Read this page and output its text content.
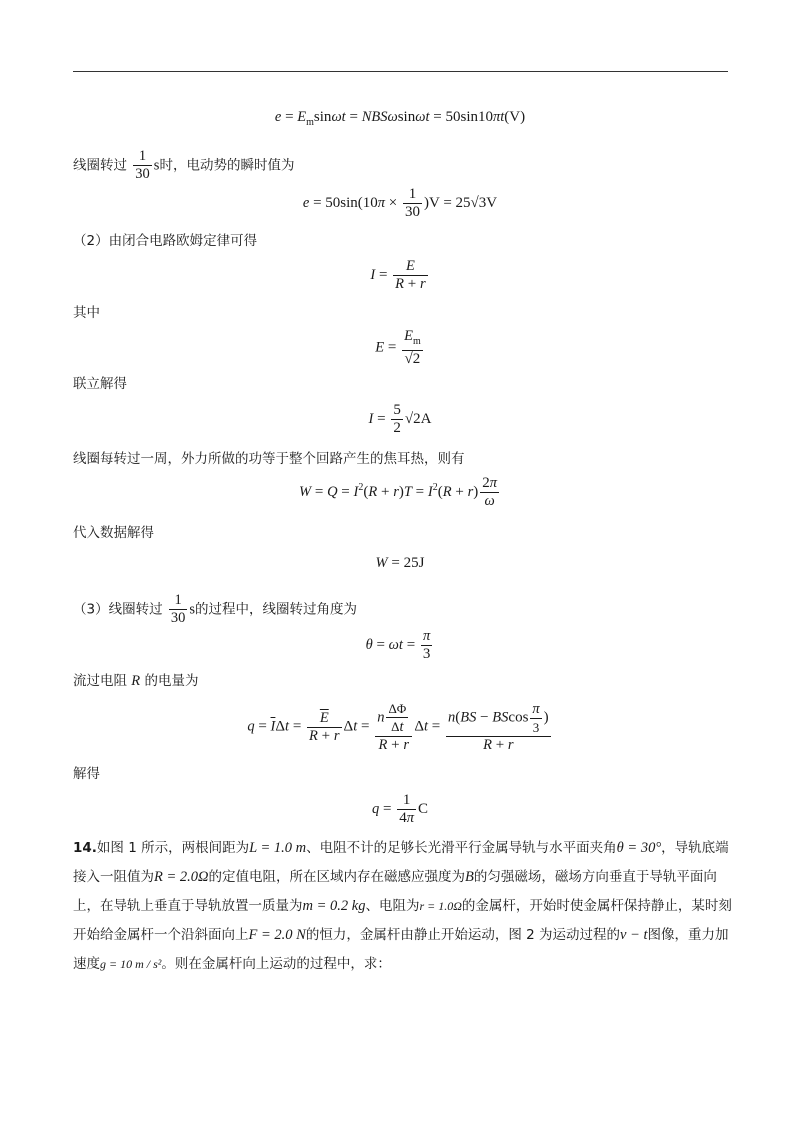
$e = E_m\sin\omega t = NBS\omega\sin\omega t = 50\sin 10\pi t(V)$
线圈转过 $\frac{1}{30}$ s时，电动势的瞬时值为
$e = 50\sin(10\pi \times \frac{1}{30} )V = 25√3V$
（2）由闭合电路欧姆定律可得
$I = \frac{E}{R + r}$
其中
$E = \frac{E_m}{√2}$
联立解得
$I = \frac{5}{2} √2A$
线圈每转过一周，外力所做的功等于整个回路产生的焦耳热，则有
$W = Q = I^2(R + r)T = I^2(R + r) \frac{2\pi}{\omega}$
代入数据解得
W = 25J
（3）线圈转过 $\frac{1}{30}$ s的过程中，线圈转过角度为
$\theta = \omega t = \frac{\pi}{3}$
流过电阻 R 的电量为
$q = \overline{I}\Delta t = \frac{\overline{E}}{R + r}$ $\Delta t = \frac{n \frac{\Delta\Phi}{\Delta t}}{R + r}$ $\Delta t = \frac{n(BS - BScos \frac{\pi}{3} )}{R + r}$
解得
$q = \frac{1}{4\pi}$ C
14.如图 1 所示，两根间距为L = 1.0 m、电阻不计的足够长光滑平行金属导轨与水平面夹角θ = 30°，导轨底端接入一阻值为R = 2.0Ω的定值电阻，所在区域内存在磁感应强度为B的匀强磁场，磁场方向垂直于导轨平面向上，在导轨上垂直于导轨放置一质量为m = 0.2 kg、电阻为r = 1.0Ω的金属杆，开始时使金属杆保持静止，某时刻开始给金属杆一个沿斜面向上F = 2.0 N的恒力，金属杆由静止开始运动，图 2 为运动过程的v − t图像，重力加速度g = 10 m / s²。则在金属杆向上运动的过程中，求：
